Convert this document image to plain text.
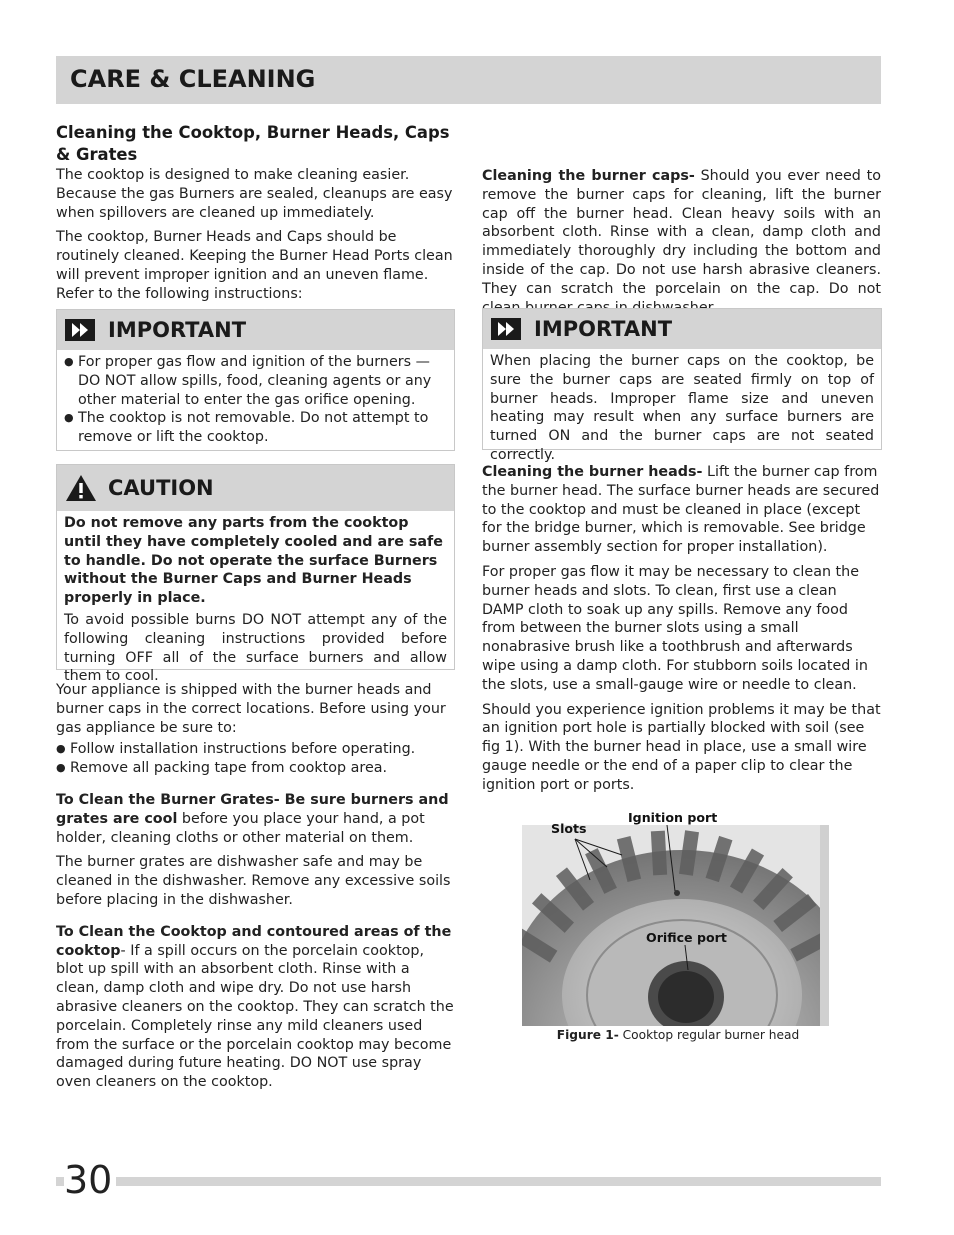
CARE & CLEANING
Cleaning the Cooktop, Burner Heads, Caps & Grates

The cooktop is designed to make cleaning easier. Because the gas Burners are sealed, cleanups are easy when spillovers are cleaned up immediately.

The cooktop, Burner Heads and Caps should be routinely cleaned. Keeping the Burner Head Ports clean will prevent improper ignition and an uneven flame. Refer to the following instructions:

IMPORTANT
● For proper gas flow and ignition of the burners — DO NOT allow spills, food, cleaning agents or any other material to enter the gas orifice opening.
● The cooktop is not removable. Do not attempt to remove or lift the cooktop.
CAUTION

Do not remove any parts from the cooktop until they have completely cooled and are safe to handle. Do not operate the surface Burners without the Burner Caps and Burner Heads properly in place.

To avoid possible burns DO NOT attempt any of the following cleaning instructions provided before turning OFF all of the surface burners and allow them to cool.

Your appliance is shipped with the burner heads and burner caps in the correct locations. Before using your gas appliance be sure to:

● Follow installation instructions before operating.
● Remove all packing tape from cooktop area.

To Clean the Burner Grates- Be sure burners and grates are cool before you place your hand, a pot holder, cleaning cloths or other material on them.

The burner grates are dishwasher safe and may be cleaned in the dishwasher. Remove any excessive soils before placing in the dishwasher.

To Clean the Cooktop and contoured areas of the cooktop- If a spill occurs on the porcelain cooktop, blot up spill with an absorbent cloth. Rinse with a clean, damp cloth and wipe dry. Do not use harsh abrasive cleaners on the cooktop. They can scratch the porcelain. Completely rinse any mild cleaners used from the surface or the porcelain cooktop may become damaged during future heating. DO NOT use spray oven cleaners on the cooktop.

Cleaning the burner caps- Should you ever need to remove the burner caps for cleaning, lift the burner cap off the burner head. Clean heavy soils with an absorbent cloth. Rinse with a clean, damp cloth and immediately thoroughly dry including the bottom and inside of the cap. Do not use harsh abrasive cleaners. They can scratch the porcelain on the cap. Do not

IMPORTANT

When placing the burner caps on the cooktop, be sure the burner caps are seated firmly on top of burner heads. Improper flame size and uneven heating may result when any surface burners are turned ON and the burner caps are not seated correctly.

Cleaning the burner heads- Lift the burner cap from the burner head. The surface burner heads are secured to the cooktop and must be cleaned in place (except for the bridge burner, which is removable. See bridge burner assembly section for proper installation).

For proper gas flow it may be necessary to clean the burner heads and slots. To clean, first use a clean DAMP cloth to soak up any spills. Remove any food from between the burner slots using a small nonabrasive brush like a toothbrush and afterwards wipe using a damp cloth. For stubborn soils located in the slots, use a small-gauge wire or needle to clean.

Should you experience ignition problems it may be that an ignition port hole is partially blocked with soil (see fig 1). With the burner head in place, use a small wire gauge needle or the end of a paper clip to clear the ignition port or ports.

Slots
Ignition port
Orifice port
Figure 1- Cooktop regular burner head
30
